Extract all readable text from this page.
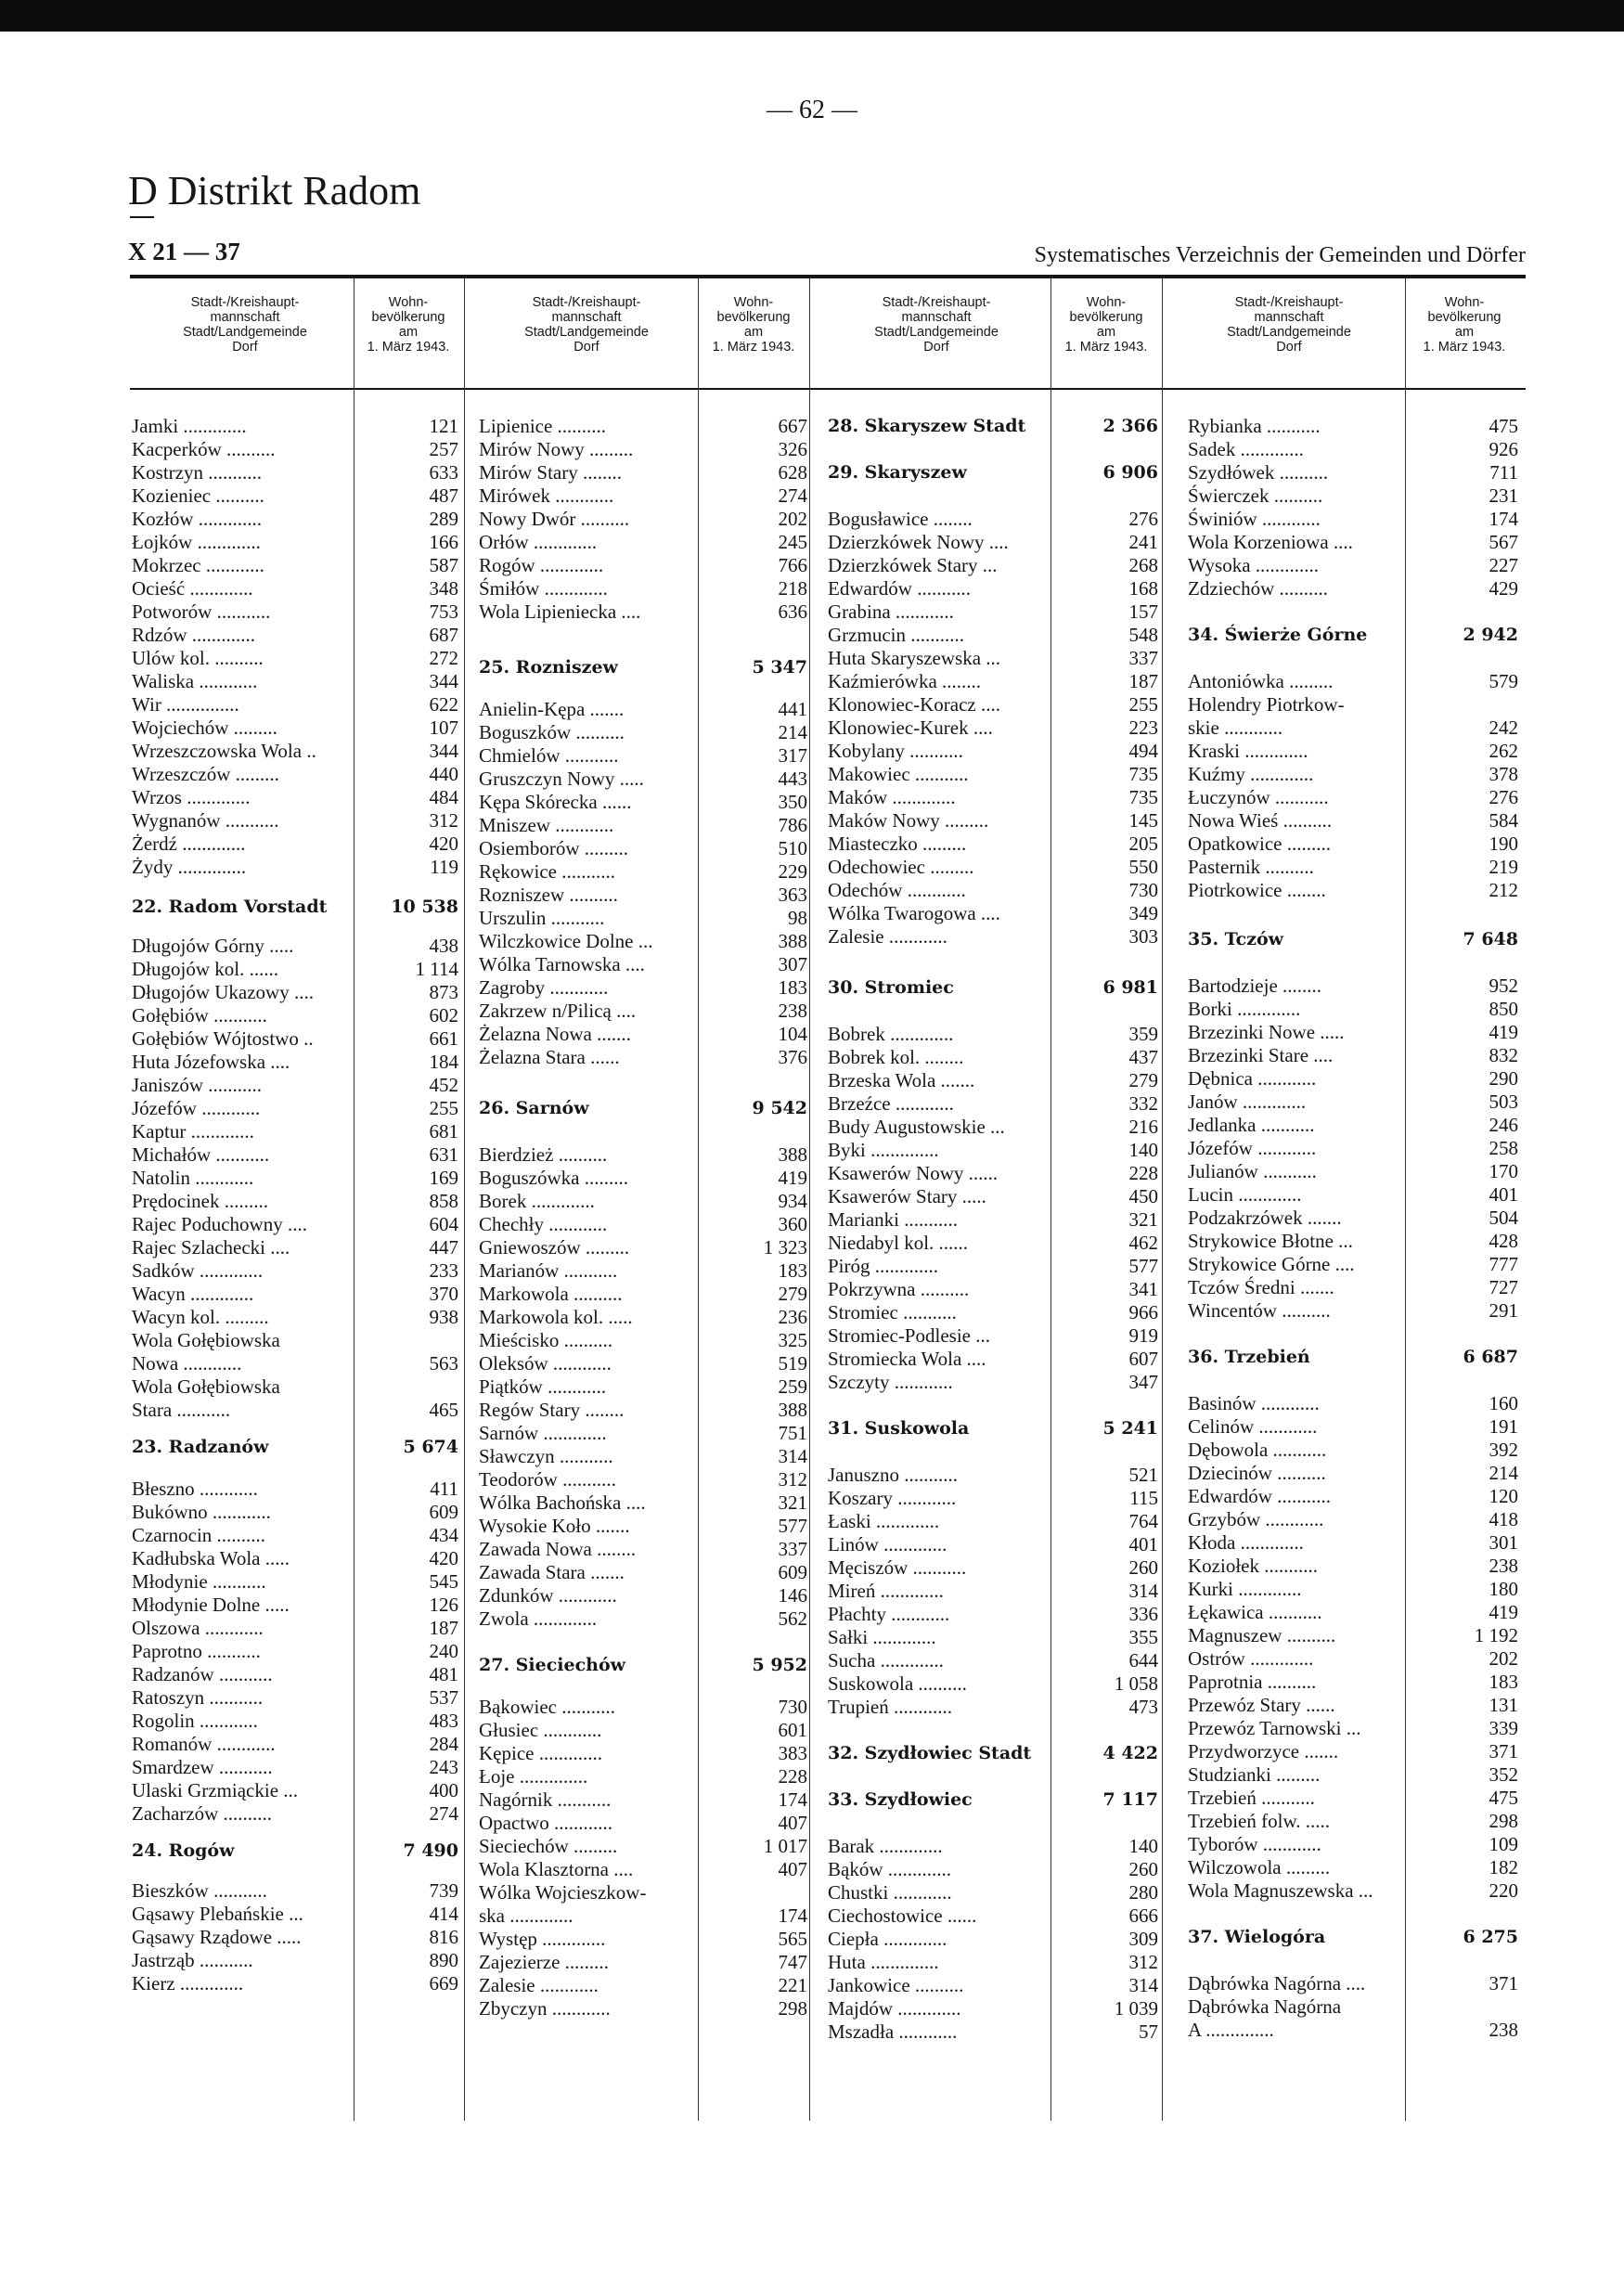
— 62 —
D Distrikt Radom
X 21 — 37	Systematisches Verzeichnis der Gemeinden und Dörfer
Stadt-/Kreishaupt-
mannschaft
Stadt/Landgemeinde
Dorf
Wohn-
bevölkerung
am
1. März 1943.
Stadt-/Kreishaupt-
mannschaft
Stadt/Landgemeinde
Dorf
Wohn-
bevölkerung
am
1. März 1943.
Stadt-/Kreishaupt-
mannschaft
Stadt/Landgemeinde
Dorf
Wohn-
bevölkerung
am
1. März 1943.
Stadt-/Kreishaupt-
mannschaft
Stadt/Landgemeinde
Dorf
Wohn-
bevölkerung
am
1. März 1943.
Jamki .............	121
Kacperków ..........	257
Kostrzyn ...........	633
Kozieniec ..........	487
Kozłów .............	289
Łojków .............	166
Mokrzec ............	587
Ocieść .............	348
Potworów ...........	753
Rdzów .............	687
Ulów kol. ..........	272
Waliska ............	344
Wir ...............	622
Wojciechów .........	107
Wrzeszczowska Wola ..	344
Wrzeszczów .........	440
Wrzos .............	484
Wygnanów ...........	312
Żerdź .............	420
Żydy ..............	119
22. Radom Vorstadt	10 538
Długojów Górny .....	438
Długojów kol. ......	1 114
Długojów Ukazowy ....	873
Gołębiów ...........	602
Gołębiów Wójtostwo ..	661
Huta Józefowska ....	184
Janiszów ...........	452
Józefów ............	255
Kaptur .............	681
Michałów ...........	631
Natolin ............	169
Prędocinek .........	858
Rajec Poduchowny ....	604
Rajec Szlachecki ....	447
Sadków .............	233
Wacyn .............	370
Wacyn kol. .........	938
Wola Gołębiowska
Nowa ............	563
Wola Gołębiowska
Stara ...........	465
23. Radzanów	5 674
Błeszno ............	411
Bukówno ............	609
Czarnocin ..........	434
Kadłubska Wola .....	420
Młodynie ...........	545
Młodynie Dolne .....	126
Olszowa ............	187
Paprotno ...........	240
Radzanów ...........	481
Ratoszyn ...........	537
Rogolin ............	483
Romanów ............	284
Smardzew ...........	243
Ulaski Grzmiąckie ...	400
Zacharzów ..........	274
24. Rogów	7 490
Bieszków ...........	739
Gąsawy Plebańskie ...	414
Gąsawy Rządowe .....	816
Jastrząb ...........	890
Kierz .............	669
Lipienice ..........	667
Mirów Nowy .........	326
Mirów Stary ........	628
Mirówek ............	274
Nowy Dwór ..........	202
Orłów .............	245
Rogów .............	766
Śmiłów .............	218
Wola Lipieniecka ....	636
25. Rozniszew	5 347
Anielin-Kępa .......	441
Boguszków ..........	214
Chmielów ...........	317
Gruszczyn Nowy .....	443
Kępa Skórecka ......	350
Mniszew ............	786
Osiemborów .........	510
Rękowice ...........	229
Rozniszew ..........	363
Urszulin ...........	98
Wilczkowice Dolne ...	388
Wólka Tarnowska ....	307
Zagroby ............	183
Zakrzew n/Pilicą ....	238
Żelazna Nowa .......	104
Żelazna Stara ......	376
26. Sarnów	9 542
Bierdzież ..........	388
Boguszówka .........	419
Borek .............	934
Chechły ............	360
Gniewoszów .........	1 323
Marianów ...........	183
Markowola ..........	279
Markowola kol. .....	236
Mieścisko ..........	325
Oleksów ............	519
Piątków ............	259
Regów Stary ........	388
Sarnów .............	751
Sławczyn ...........	314
Teodorów ...........	312
Wólka Bachońska ....	321
Wysokie Koło .......	577
Zawada Nowa ........	337
Zawada Stara .......	609
Zdunków ............	146
Zwola .............	562
27. Sieciechów	5 952
Bąkowiec ...........	730
Głusiec ............	601
Kępice .............	383
Łoje ..............	228
Nagórnik ...........	174
Opactwo ............	407
Sieciechów .........	1 017
Wola Klasztorna ....	407
Wólka Wojcieszkow-
ska .............	174
Występ .............	565
Zajezierze .........	747
Zalesie ............	221
Zbyczyn ............	298
28. Skaryszew Stadt	2 366
29. Skaryszew	6 906
Bogusławice ........	276
Dzierzkówek Nowy ....	241
Dzierzkówek Stary ...	268
Edwardów ...........	168
Grabina ............	157
Grzmucin ...........	548
Huta Skaryszewska ...	337
Kaźmierówka ........	187
Klonowiec-Koracz ....	255
Klonowiec-Kurek ....	223
Kobylany ...........	494
Makowiec ...........	735
Maków .............	735
Maków Nowy .........	145
Miasteczko .........	205
Odechowiec .........	550
Odechów ............	730
Wólka Twarogowa ....	349
Zalesie ............	303
30. Stromiec	6 981
Bobrek .............	359
Bobrek kol. ........	437
Brzeska Wola .......	279
Brzeźce ............	332
Budy Augustowskie ...	216
Byki ..............	140
Ksawerów Nowy ......	228
Ksawerów Stary .....	450
Marianki ...........	321
Niedabyl kol. ......	462
Piróg .............	577
Pokrzywna ..........	341
Stromiec ...........	966
Stromiec-Podlesie ...	919
Stromiecka Wola ....	607
Szczyty ............	347
31. Suskowola	5 241
Januszno ...........	521
Koszary ............	115
Łaski .............	764
Linów .............	401
Męciszów ...........	260
Mireń .............	314
Płachty ............	336
Sałki .............	355
Sucha .............	644
Suskowola ..........	1 058
Trupień ............	473
32. Szydłowiec Stadt	4 422
33. Szydłowiec	7 117
Barak .............	140
Bąków .............	260
Chustki ............	280
Ciechostowice ......	666
Ciepła .............	309
Huta ..............	312
Jankowice ..........	314
Majdów .............	1 039
Mszadła ............	57
Rybianka ...........	475
Sadek .............	926
Szydłówek ..........	711
Świerczek ..........	231
Świniów ............	174
Wola Korzeniowa ....	567
Wysoka .............	227
Zdziechów ..........	429
34. Świerże Górne	2 942
Antoniówka .........	579
Holendry Piotrkow-
skie ............	242
Kraski .............	262
Kuźmy .............	378
Łuczynów ...........	276
Nowa Wieś ..........	584
Opatkowice .........	190
Pasternik ..........	219
Piotrkowice ........	212
35. Tczów	7 648
Bartodzieje ........	952
Borki .............	850
Brzezinki Nowe .....	419
Brzezinki Stare ....	832
Dębnica ............	290
Janów .............	503
Jedlanka ...........	246
Józefów ............	258
Julianów ...........	170
Lucin .............	401
Podzakrzówek .......	504
Strykowice Błotne ...	428
Strykowice Górne ....	777
Tczów Średni .......	727
Wincentów ..........	291
36. Trzebień	6 687
Basinów ............	160
Celinów ............	191
Dębowola ...........	392
Dziecinów ..........	214
Edwardów ...........	120
Grzybów ............	418
Kłoda .............	301
Koziołek ...........	238
Kurki .............	180
Łękawica ...........	419
Magnuszew ..........	1 192
Ostrów .............	202
Paprotnia ..........	183
Przewóz Stary ......	131
Przewóz Tarnowski ...	339
Przydworzyce .......	371
Studzianki .........	352
Trzebień ...........	475
Trzebień folw. .....	298
Tyborów ............	109
Wilczowola .........	182
Wola Magnuszewska ...	220
37. Wielogóra	6 275
Dąbrówka Nagórna ....	371
Dąbrówka Nagórna
A ..............	238
